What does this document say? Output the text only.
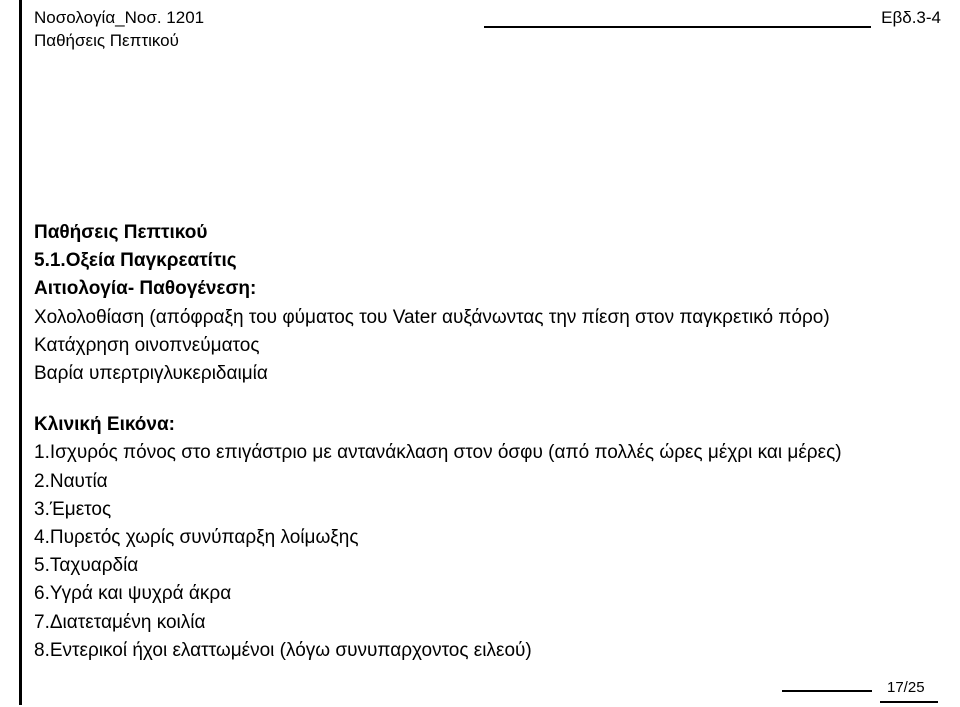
Νοσολογία_Νοσ. 1201
Παθήσεις Πεπτικού
Εβδ.3-4
Παθήσεις Πεπτικού
5.1.Οξεία Παγκρεατίτις
Αιτιολογία- Παθογένεση:
Χολολοθίαση (απόφραξη του φύματος του Vater αυξάνωντας την πίεση στον παγκρετικό πόρο)
Κατάχρηση οινοπνεύματος
Βαρία υπερτριγλυκεριδαιμία
Κλινική Εικόνα:
1.Ισχυρός πόνος στο επιγάστριο με αντανάκλαση στον όσφυ (από πολλές ώρες μέχρι και μέρες)
2.Ναυτία
3.Έμετος
4.Πυρετός χωρίς συνύπαρξη λοίμωξης
5.Ταχυαρδία
6.Υγρά και ψυχρά άκρα
7.Διατεταμένη κοιλία
8.Εντερικοί ήχοι ελαττωμένοι (λόγω συνυπαρχοντος ειλεού)
17/25
